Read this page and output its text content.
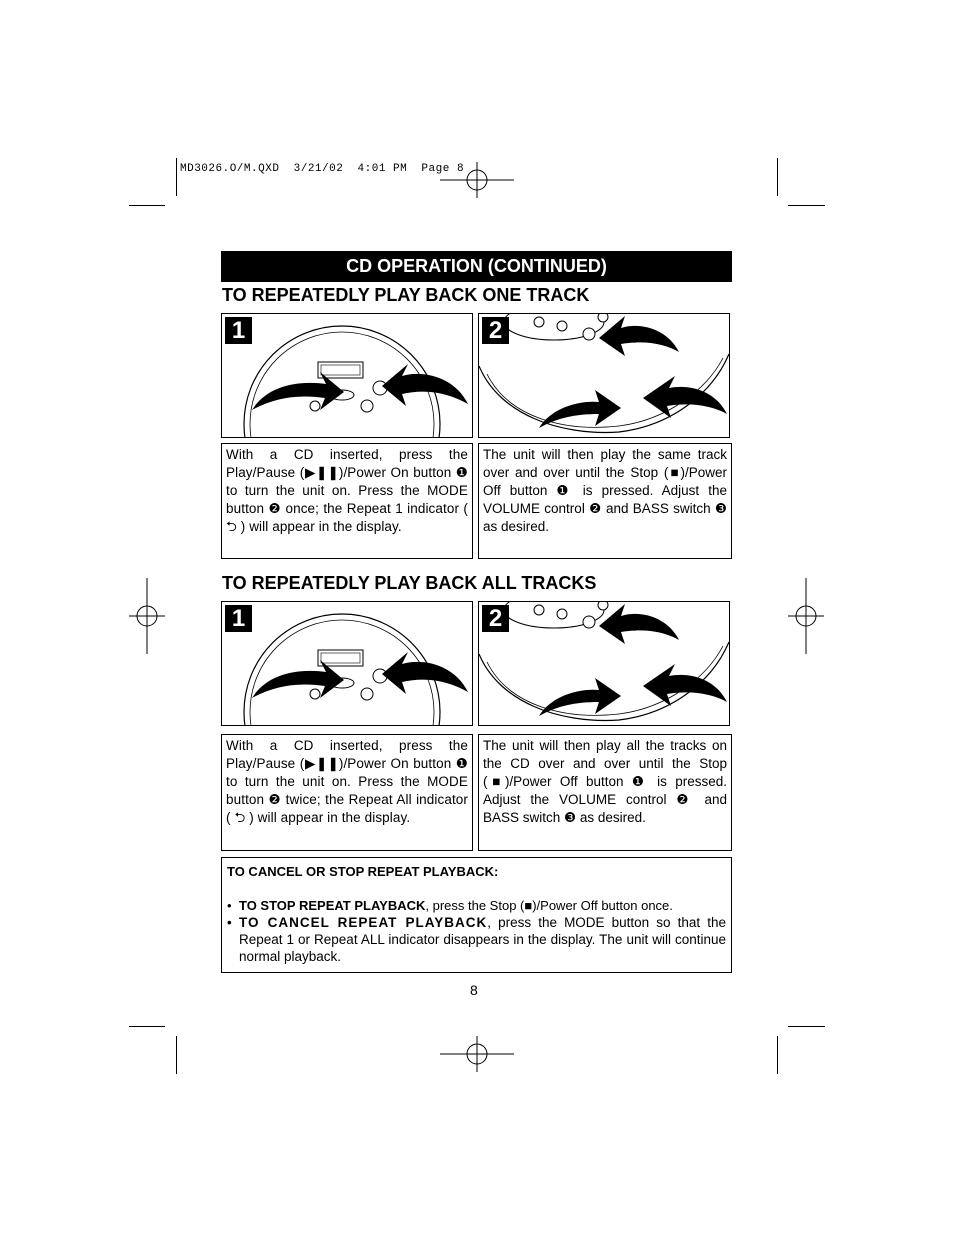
MD3026.O/M.QXD  3/21/02  4:01 PM  Page 8
CD OPERATION (CONTINUED)
TO REPEATEDLY PLAY BACK ONE TRACK
1	2
With a CD inserted, press the Play/Pause (▶❚❚)/Power On button ❶ to turn the unit on. Press the MODE button ❷ once; the Repeat 1 indicator ( ⮌ ) will appear in the display.
The unit will then play the same track over and over until the Stop (■)/Power Off button ❶ is pressed. Adjust the VOLUME control ❷ and BASS switch ❸ as desired.
TO REPEATEDLY PLAY BACK ALL TRACKS
1	2
With a CD inserted, press the Play/Pause (▶❚❚)/Power On button ❶ to turn the unit on. Press the MODE button ❷ twice; the Repeat All indicator ( ⮌ ) will appear in the display.
The unit will then play all the tracks on the CD over and over until the Stop (■)/Power Off button ❶ is pressed. Adjust the VOLUME control ❷ and BASS switch ❸ as desired.
TO CANCEL OR STOP REPEAT PLAYBACK:
• TO STOP REPEAT PLAYBACK, press the Stop (■)/Power Off button once.
• TO CANCEL REPEAT PLAYBACK, press the MODE button so that the Repeat 1 or Repeat ALL indicator disappears in the display. The unit will continue normal playback.
8
